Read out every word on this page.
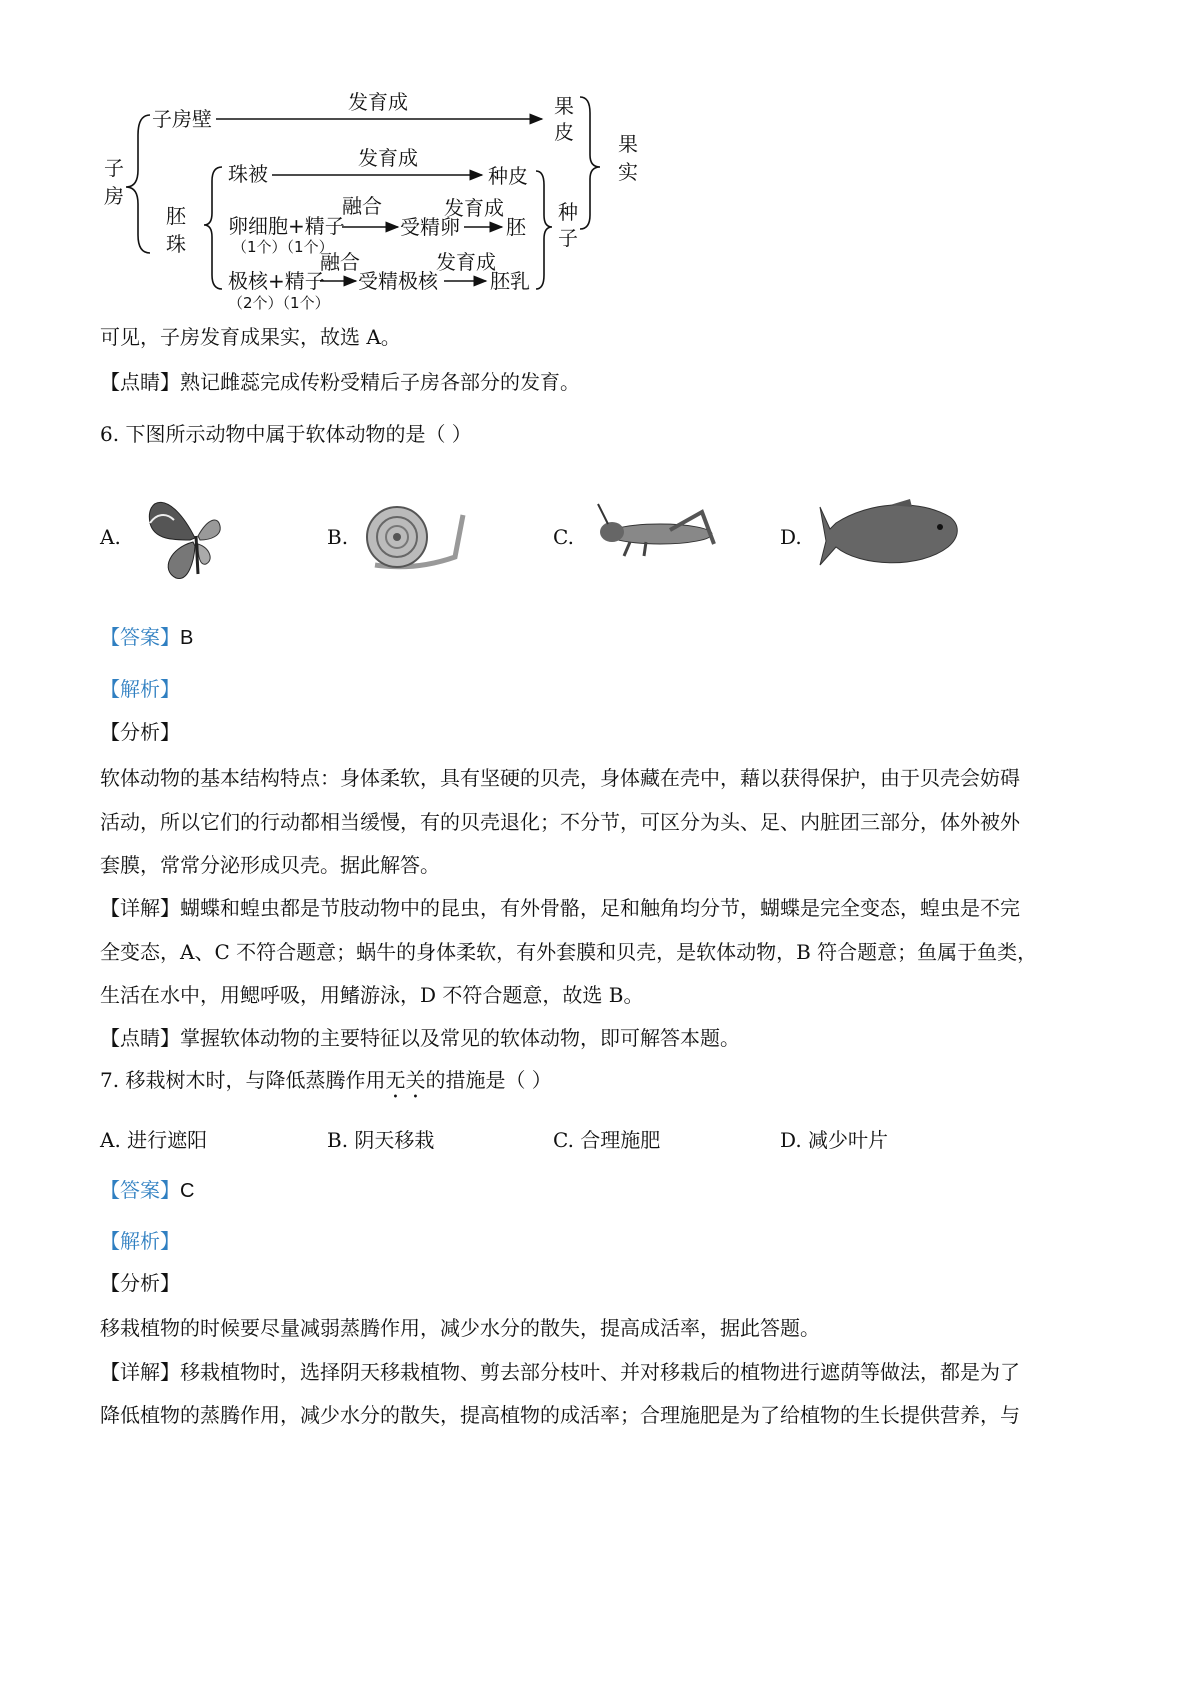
子
房
子房壁
发育成	果
皮 果
实
胚
珠
珠被
发育成
种皮
卵细胞+精子
（1个）（1个）
融合
受精卵
发育成
胚
极核+精子
（2个）（1个）
融合
受精极核
发育成
胚乳
种
子
可见，子房发育成果实，故选 A。
【点睛】熟记雌蕊完成传粉受精后子房各部分的发育。
6. 下图所示动物中属于软体动物的是（ ）
A.	B.	C.	D.
【答案】B
【解析】
【分析】
软体动物的基本结构特点：身体柔软，具有坚硬的贝壳，身体藏在壳中，藉以获得保护，由于贝壳会妨碍
活动，所以它们的行动都相当缓慢，有的贝壳退化；不分节，可区分为头、足、内脏团三部分，体外被外
套膜，常常分泌形成贝壳。据此解答。
【详解】蝴蝶和蝗虫都是节肢动物中的昆虫，有外骨骼，足和触角均分节，蝴蝶是完全变态，蝗虫是不完
全变态，A、C 不符合题意；蜗牛的身体柔软，有外套膜和贝壳，是软体动物，B 符合题意；鱼属于鱼类，
生活在水中，用鳃呼吸，用鳍游泳，D 不符合题意，故选 B。
【点睛】掌握软体动物的主要特征以及常见的软体动物，即可解答本题。
7. 移栽树木时，与降低蒸腾作用无关的措施是（ ）
A. 进行遮阳	B. 阴天移栽	C. 合理施肥	D. 减少叶片
【答案】C
【解析】
【分析】
移栽植物的时候要尽量减弱蒸腾作用，减少水分的散失，提高成活率，据此答题。
【详解】移栽植物时，选择阴天移栽植物、剪去部分枝叶、并对移栽后的植物进行遮荫等做法，都是为了
降低植物的蒸腾作用，减少水分的散失，提高植物的成活率；合理施肥是为了给植物的生长提供营养，与
